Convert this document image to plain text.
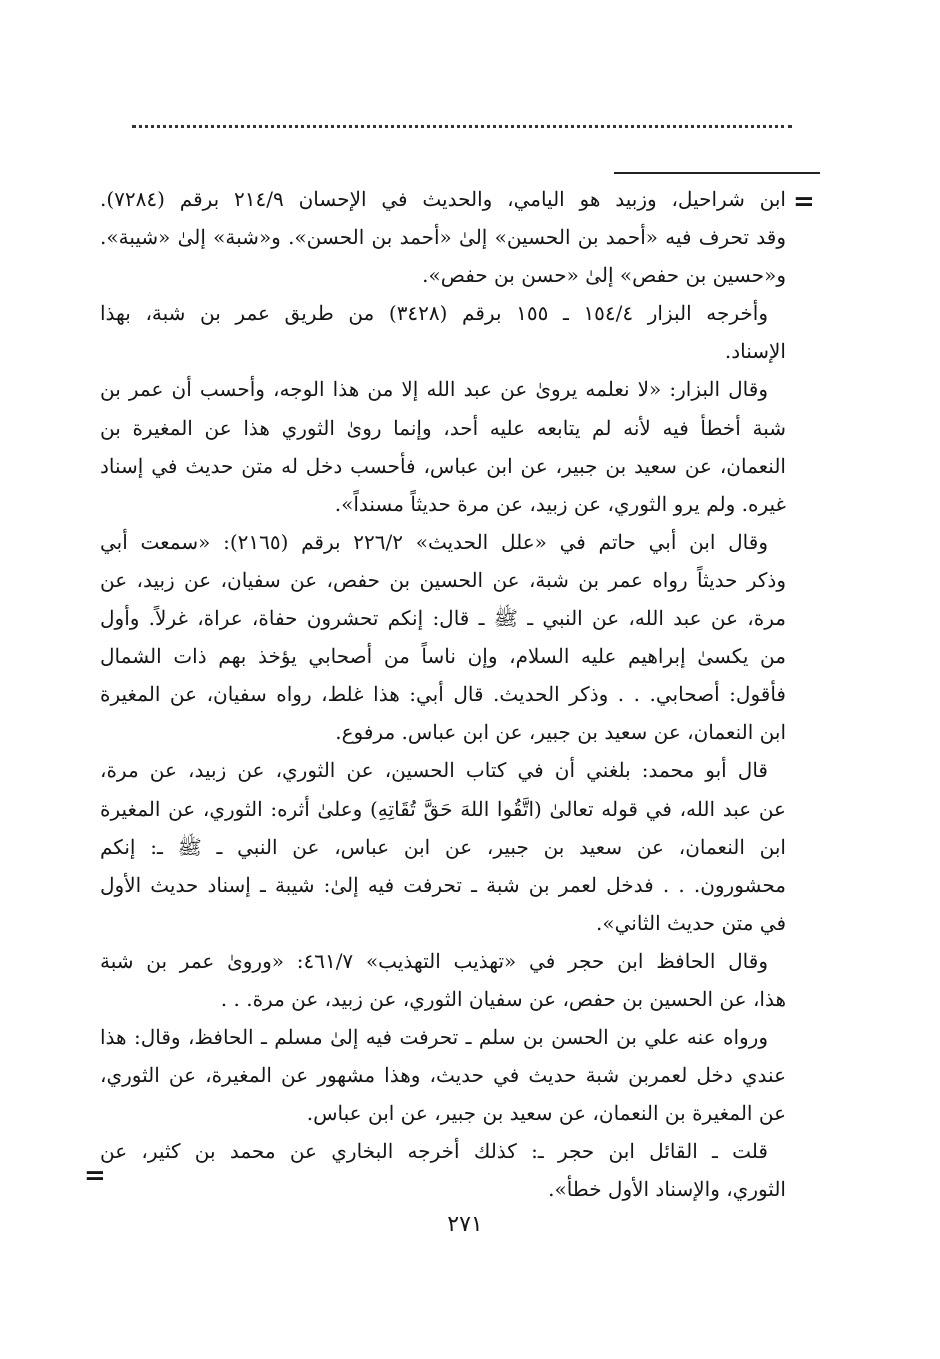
=
=

ابن شراحيل، وزبيد هو اليامي، والحديث في الإحسان ٢١٤/٩ برقم (٧٢٨٤).
وقد تحرف فيه «أحمد بن الحسين» إلىٰ «أحمد بن الحسن». و«شبة» إلىٰ «شيبة».
و«حسين بن حفص» إلىٰ «حسن بن حفص».

وأخرجه البزار ١٥٤/٤ ـ ١٥٥ برقم (٣٤٢٨) من طريق عمر بن شبة، بهذا
الإسناد.

وقال البزار: «لا نعلمه يروىٰ عن عبد الله إلا من هذا الوجه، وأحسب أن عمر بن
شبة أخطأ فيه لأنه لم يتابعه عليه أحد، وإنما روىٰ الثوري هذا عن المغيرة بن
النعمان، عن سعيد بن جبير، عن ابن عباس، فأحسب دخل له متن حديث في إسناد
غيره. ولم يرو الثوري، عن زبيد، عن مرة حديثاً مسنداً».

وقال ابن أبي حاتم في «علل الحديث» ٢٢٦/٢ برقم (٢١٦٥): «سمعت أبي
وذكر حديثاً رواه عمر بن شبة، عن الحسين بن حفص، عن سفيان، عن زبيد، عن
مرة، عن عبد الله، عن النبي ـ ﷺ ـ قال: إنكم تحشرون حفاة، عراة، غرلاً. وأول
من يكسىٰ إبراهيم عليه السلام، وإن ناساً من أصحابي يؤخذ بهم ذات الشمال
فأقول: أصحابي. . . وذكر الحديث. قال أبي: هذا غلط، رواه سفيان، عن المغيرة
ابن النعمان، عن سعيد بن جبير، عن ابن عباس. مرفوع.

قال أبو محمد: بلغني أن في كتاب الحسين، عن الثوري، عن زبيد، عن مرة،
عن عبد الله، في قوله تعالىٰ (اتَّقُوا اللهَ حَقَّ تُقَاتِهِ) وعلىٰ أثره: الثوري، عن المغيرة
ابن النعمان، عن سعيد بن جبير، عن ابن عباس، عن النبي ـ ﷺ ـ: إنكم
محشورون. . . فدخل لعمر بن شبة ـ تحرفت فيه إلىٰ: شيبة ـ إسناد حديث الأول
في متن حديث الثاني».

وقال الحافظ ابن حجر في «تهذيب التهذيب» ٤٦١/٧: «وروىٰ عمر بن شبة
هذا، عن الحسين بن حفص، عن سفيان الثوري، عن زبيد، عن مرة. . .

ورواه عنه علي بن الحسن بن سلم ـ تحرفت فيه إلىٰ مسلم ـ الحافظ، وقال: هذا
عندي دخل لعمربن شبة حديث في حديث، وهذا مشهور عن المغيرة، عن الثوري،
عن المغيرة بن النعمان، عن سعيد بن جبير، عن ابن عباس.

قلت ـ القائل ابن حجر ـ: كذلك أخرجه البخاري عن محمد بن كثير، عن
الثوري، والإسناد الأول خطأ».

٢٧١
